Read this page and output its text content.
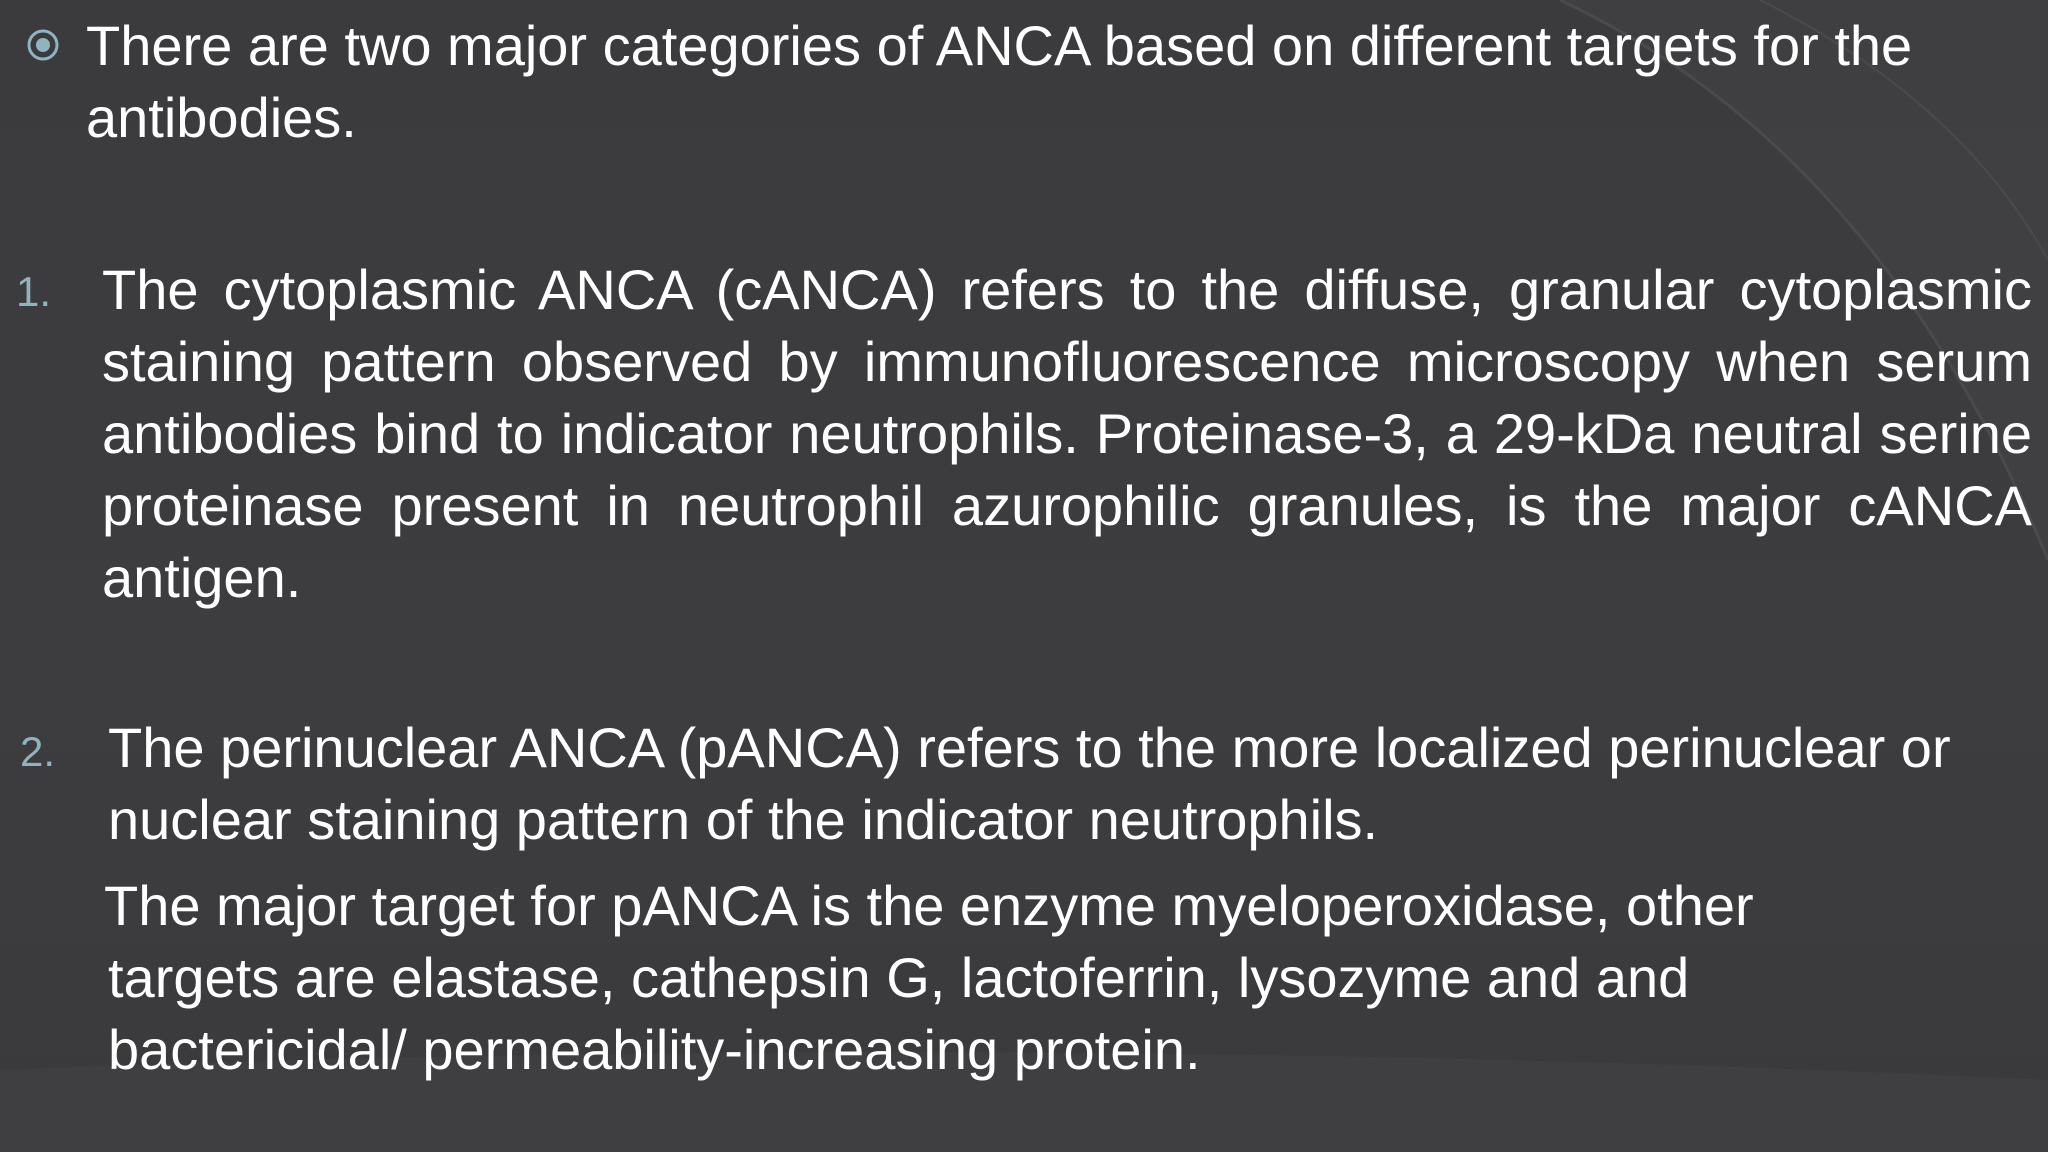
There are two major categories of ANCA based on different targets for the antibodies.
1. The cytoplasmic ANCA (cANCA) refers to the diffuse, granular cytoplasmic staining pattern observed by immunofluorescence microscopy when serum antibodies bind to indicator neutrophils. Proteinase-3, a 29-kDa neutral serine proteinase present in neutrophil azurophilic granules, is the major cANCA antigen.
2. The perinuclear ANCA (pANCA) refers to the more localized perinuclear or nuclear staining pattern of the indicator neutrophils.
The major target for pANCA is the enzyme myeloperoxidase, other
targets are elastase, cathepsin G, lactoferrin, lysozyme and and
bactericidal/ permeability-increasing protein.
